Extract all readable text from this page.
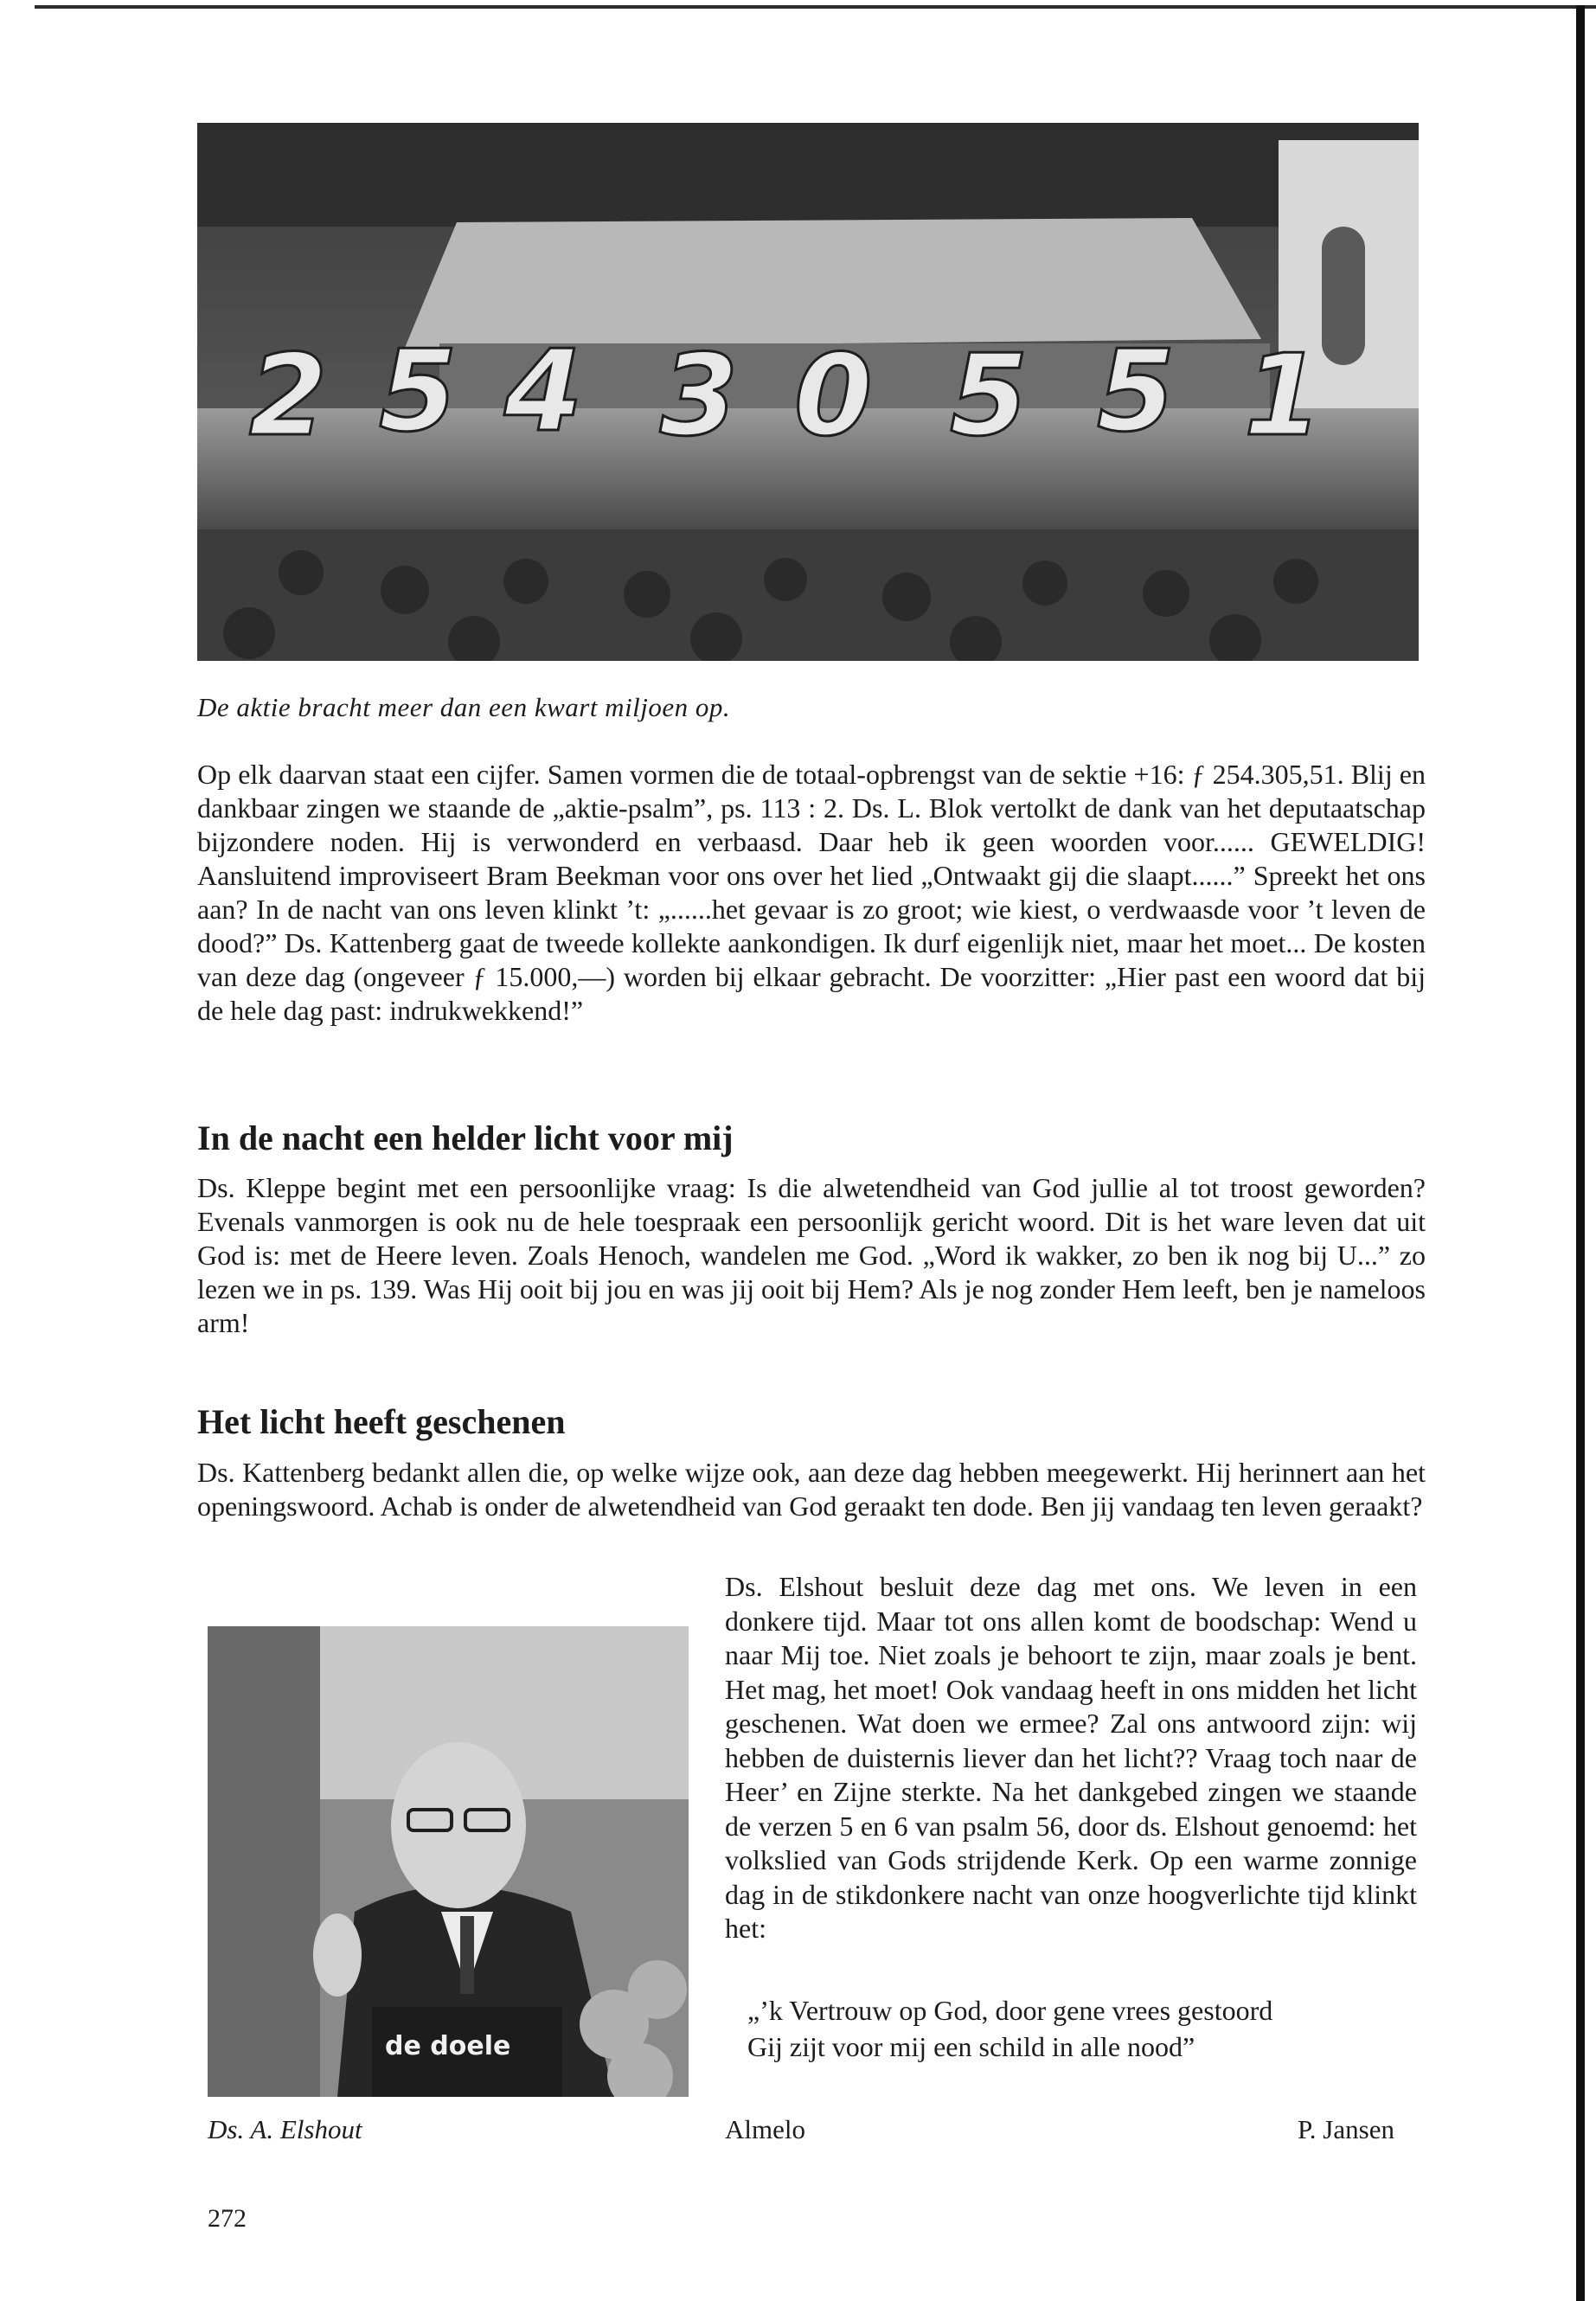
2 5 4 3 0 5 5 1
De aktie bracht meer dan een kwart miljoen op.
Op elk daarvan staat een cijfer. Samen vormen die de totaal-opbrengst van de sektie +16: ƒ 254.305,51. Blij en dankbaar zingen we staande de „aktie-psalm”, ps. 113 : 2. Ds. L. Blok vertolkt de dank van het deputaatschap bijzondere noden. Hij is verwonderd en verbaasd. Daar heb ik geen woorden voor...... GEWELDIG! Aansluitend improviseert Bram Beekman voor ons over het lied „Ontwaakt gij die slaapt......” Spreekt het ons aan? In de nacht van ons leven klinkt ’t: „......het gevaar is zo groot; wie kiest, o verdwaasde voor ’t leven de dood?” Ds. Kattenberg gaat de tweede kollekte aankondigen. Ik durf eigenlijk niet, maar het moet... De kosten van deze dag (ongeveer ƒ 15.000,—) worden bij elkaar gebracht. De voorzitter: „Hier past een woord dat bij de hele dag past: indrukwekkend!”
In de nacht een helder licht voor mij
Ds. Kleppe begint met een persoonlijke vraag: Is die alwetendheid van God jullie al tot troost geworden? Evenals vanmorgen is ook nu de hele toespraak een persoonlijk gericht woord. Dit is het ware leven dat uit God is: met de Heere leven. Zoals Henoch, wandelen me God. „Word ik wakker, zo ben ik nog bij U...” zo lezen we in ps. 139. Was Hij ooit bij jou en was jij ooit bij Hem? Als je nog zonder Hem leeft, ben je nameloos arm!
Het licht heeft geschenen
Ds. Kattenberg bedankt allen die, op welke wijze ook, aan deze dag hebben meegewerkt. Hij herinnert aan het openingswoord. Achab is onder de alwetendheid van God geraakt ten dode. Ben jij vandaag ten leven geraakt?
de doele
Ds. Elshout besluit deze dag met ons. We leven in een donkere tijd. Maar tot ons allen komt de boodschap: Wend u naar Mij toe. Niet zoals je behoort te zijn, maar zoals je bent. Het mag, het moet! Ook vandaag heeft in ons midden het licht geschenen. Wat doen we ermee? Zal ons antwoord zijn: wij hebben de duisternis liever dan het licht?? Vraag toch naar de Heer’ en Zijne sterkte. Na het dankgebed zingen we staande de verzen 5 en 6 van psalm 56, door ds. Elshout genoemd: het volkslied van Gods strijdende Kerk. Op een warme zonnige dag in de stikdonkere nacht van onze hoogverlichte tijd klinkt het:
„’k Vertrouw op God, door gene vrees gestoord
Gij zijt voor mij een schild in alle nood”
Ds. A. Elshout	Almelo	P. Jansen
272
